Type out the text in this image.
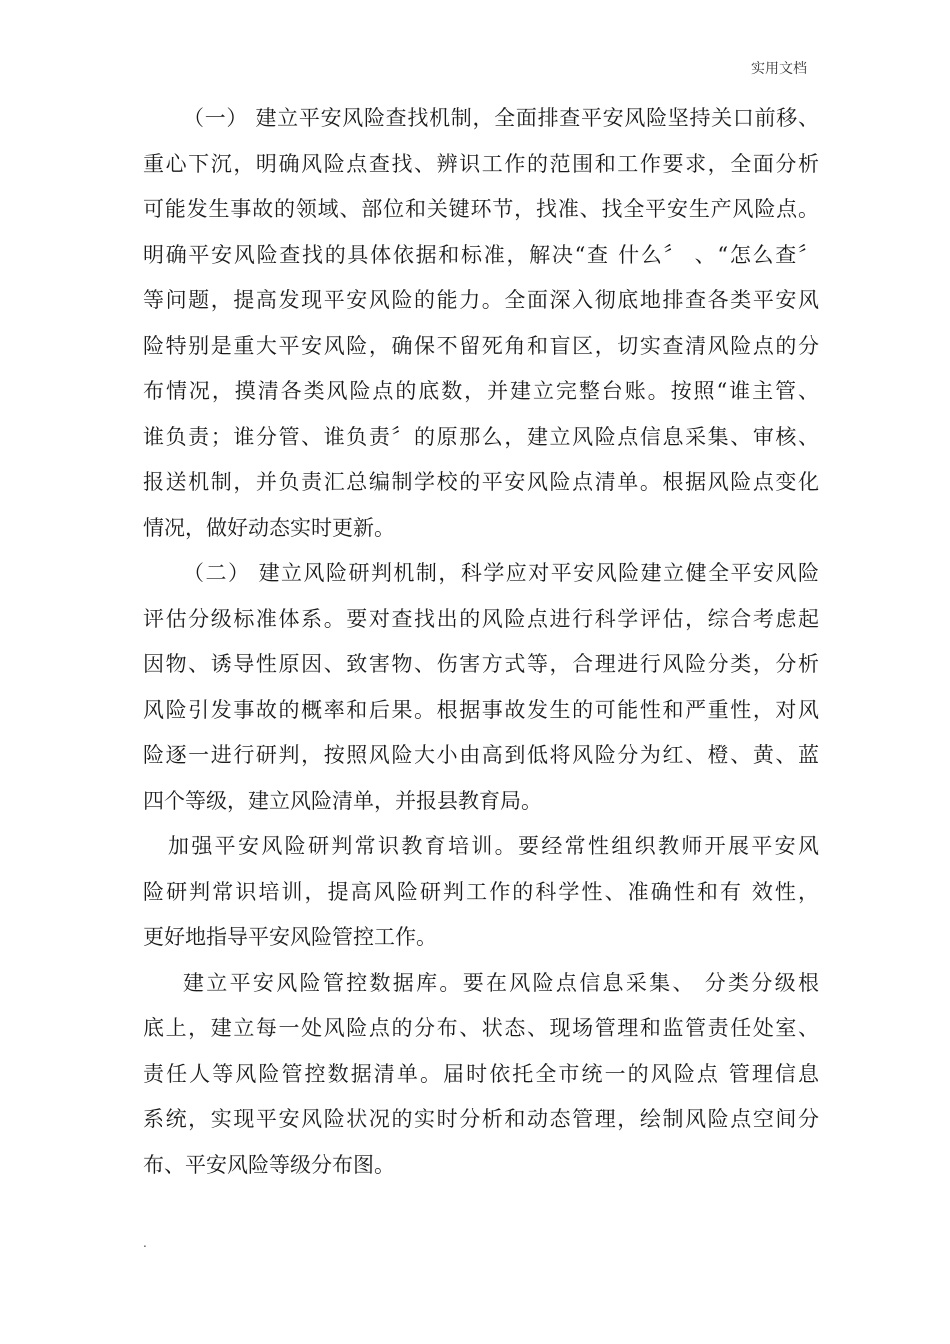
实用文档
（一） 建立平安风险查找机制，全面排查平安风险坚持关口前移、
重心下沉，明确风险点查找、辨识工作的范围和工作要求，全面分析
可能发生事故的领域、部位和关键环节，找准、找全平安生产风险点。
明确平安风险查找的具体依据和标准，解决“查 什么〞 、“怎么查〞
等问题，提高发现平安风险的能力。全面深入彻底地排查各类平安风
险特别是重大平安风险，确保不留死角和盲区，切实查清风险点的分
布情况，摸清各类风险点的底数，并建立完整台账。按照“谁主管、
谁负责；谁分管、谁负责〞的原那么，建立风险点信息采集、审核、
报送机制，并负责汇总编制学校的平安风险点清单。根据风险点变化
情况，做好动态实时更新。
（二） 建立风险研判机制，科学应对平安风险建立健全平安风险
评估分级标准体系。要对查找出的风险点进行科学评估，综合考虑起
因物、诱导性原因、致害物、伤害方式等，合理进行风险分类，分析
风险引发事故的概率和后果。根据事故发生的可能性和严重性，对风
险逐一进行研判，按照风险大小由高到低将风险分为红、橙、黄、蓝
四个等级，建立风险清单，并报县教育局。
加强平安风险研判常识教育培训。要经常性组织教师开展平安风
险研判常识培训，提高风险研判工作的科学性、准确性和有 效性，
更好地指导平安风险管控工作。
建立平安风险管控数据库。要在风险点信息采集、 分类分级根
底上，建立每一处风险点的分布、状态、现场管理和监管责任处室、
责任人等风险管控数据清单。届时依托全市统一的风险点 管理信息
系统，实现平安风险状况的实时分析和动态管理，绘制风险点空间分
布、平安风险等级分布图。
.
